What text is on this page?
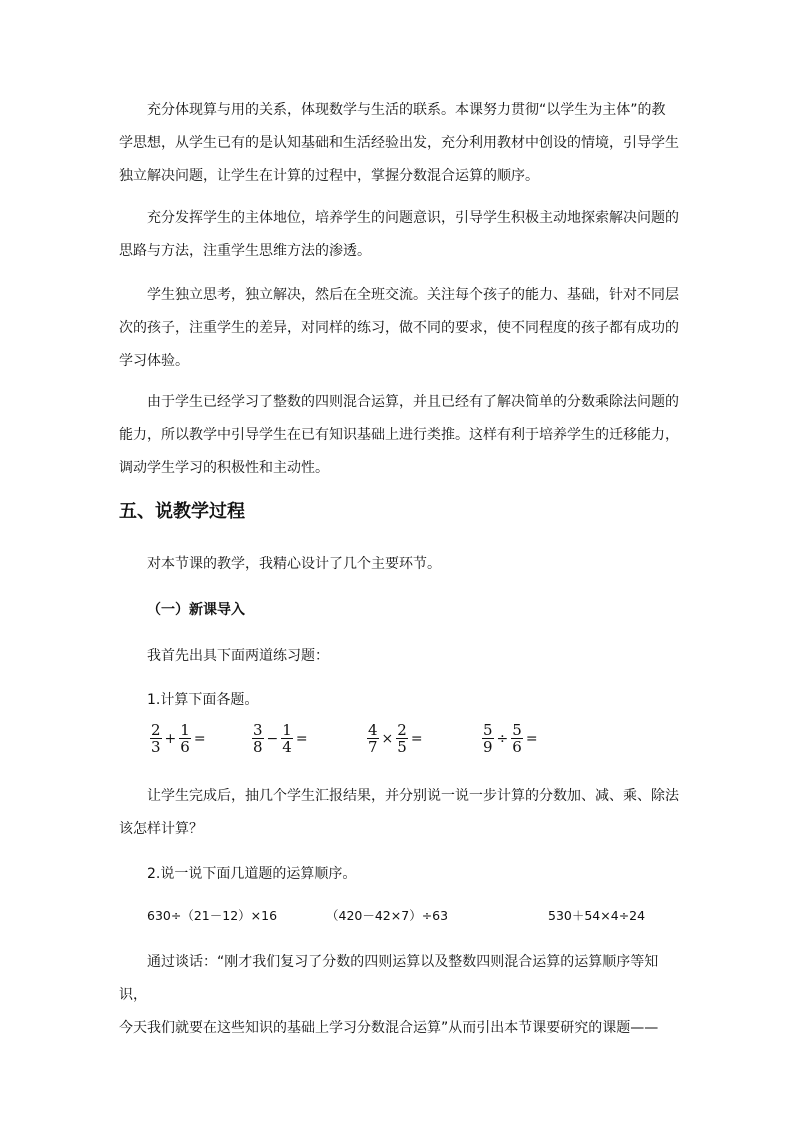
充分体现算与用的关系，体现数学与生活的联系。本课努力贯彻“以学生为主体”的教
学思想，从学生已有的是认知基础和生活经验出发，充分利用教材中创设的情境，引导学生
独立解决问题，让学生在计算的过程中，掌握分数混合运算的顺序。
充分发挥学生的主体地位，培养学生的问题意识，引导学生积极主动地探索解决问题的
思路与方法，注重学生思维方法的渗透。
学生独立思考，独立解决，然后在全班交流。关注每个孩子的能力、基础，针对不同层
次的孩子，注重学生的差异，对同样的练习，做不同的要求，使不同程度的孩子都有成功的
学习体验。
由于学生已经学习了整数的四则混合运算，并且已经有了解决简单的分数乘除法问题的
能力，所以教学中引导学生在已有知识基础上进行类推。这样有利于培养学生的迁移能力，
调动学生学习的积极性和主动性。
五、说教学过程
对本节课的教学，我精心设计了几个主要环节。
（一）新课导入
我首先出具下面两道练习题：
1.计算下面各题。
$\frac{2}{3} + \frac{1}{6}$ =	$\frac{3}{8} - \frac{1}{4}$ =	$\frac{4}{7} \times \frac{2}{5}$ =	$\frac{5}{9} \div \frac{5}{6}$ =
让学生完成后，抽几个学生汇报结果，并分别说一说一步计算的分数加、减、乘、除法
该怎样计算？
2.说一说下面几道题的运算顺序。
630÷（21－12）×16	（420－42×7）÷63	530＋54×4÷24
通过谈话：“刚才我们复习了分数的四则运算以及整数四则混合运算的运算顺序等知识，
今天我们就要在这些知识的基础上学习分数混合运算”从而引出本节课要研究的课题——
